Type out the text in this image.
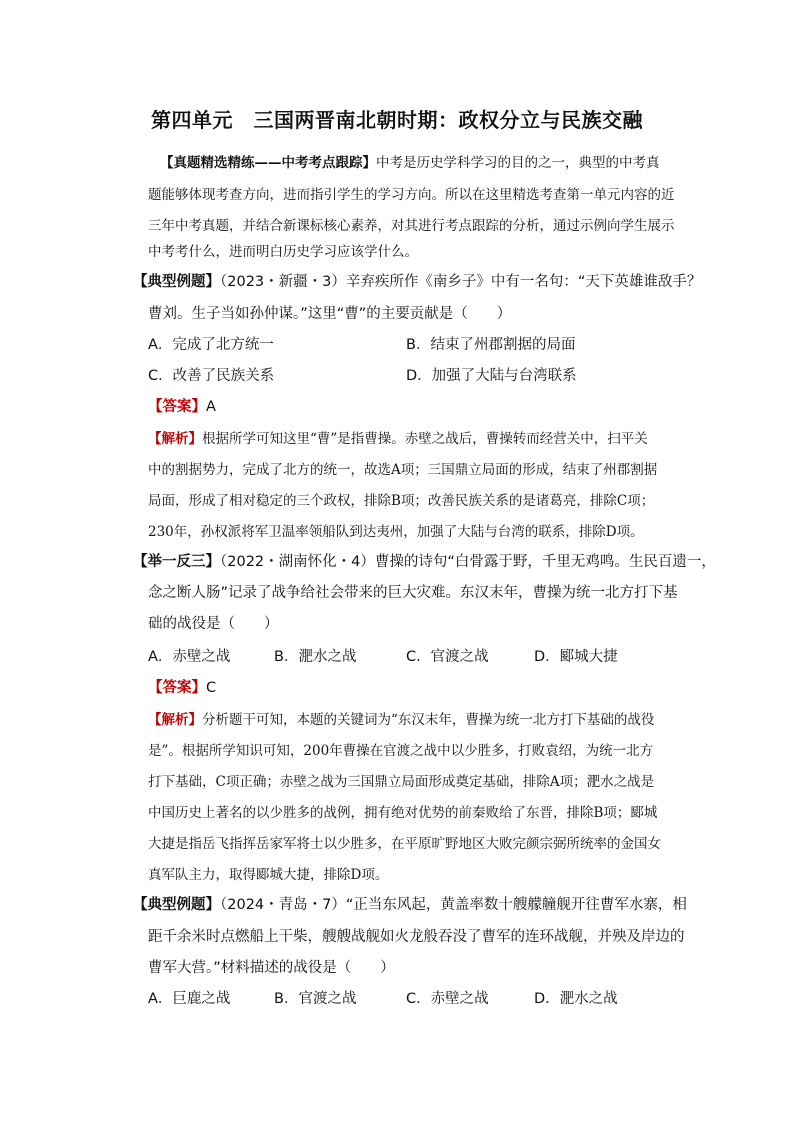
第四单元　三国两晋南北朝时期：政权分立与民族交融
【真题精选精练——中考考点跟踪】中考是历史学科学习的目的之一，典型的中考真
题能够体现考查方向，进而指引学生的学习方向。所以在这里精选考查第一单元内容的近
三年中考真题，并结合新课标核心素养，对其进行考点跟踪的分析，通过示例向学生展示
中考考什么，进而明白历史学习应该学什么。
【典型例题】（2023・新疆・3）辛弃疾所作《南乡子》中有一名句：“天下英雄谁敌手？
曹刘。生子当如孙仲谋。”这里“曹”的主要贡献是（　　）
A．完成了北方统一	B．结束了州郡割据的局面
C．改善了民族关系	D．加强了大陆与台湾联系
【答案】A
【解析】根据所学可知这里“曹”是指曹操。赤壁之战后，曹操转而经营关中，扫平关
中的割据势力，完成了北方的统一，故选A项；三国鼎立局面的形成，结束了州郡割据
局面，形成了相对稳定的三个政权，排除B项；改善民族关系的是诸葛亮，排除C项；
230年，孙权派将军卫温率领船队到达夷州，加强了大陆与台湾的联系，排除D项。
【举一反三】（2022・湖南怀化・4）曹操的诗句“白骨露于野，千里无鸡鸣。生民百遗一，
念之断人肠”记录了战争给社会带来的巨大灾难。东汉末年，曹操为统一北方打下基
础的战役是（　　）
A．赤壁之战	B．淝水之战	C．官渡之战	D．郾城大捷
【答案】C
【解析】分析题干可知，本题的关键词为“东汉末年，曹操为统一北方打下基础的战役
是”。根据所学知识可知，200年曹操在官渡之战中以少胜多，打败袁绍，为统一北方
打下基础，C项正确；赤壁之战为三国鼎立局面形成奠定基础，排除A项；淝水之战是
中国历史上著名的以少胜多的战例，拥有绝对优势的前秦败给了东晋，排除B项；郾城
大捷是指岳飞指挥岳家军将士以少胜多，在平原旷野地区大败完颜宗弼所统率的金国女
真军队主力，取得郾城大捷，排除D项。
【典型例题】（2024・青岛・7）“正当东风起，黄盖率数十艘艨艟舰开往曹军水寨，相
距千余米时点燃船上干柴，艘艘战舰如火龙般吞没了曹军的连环战舰，并殃及岸边的
曹军大营。”材料描述的战役是（　　）
A．巨鹿之战	B．官渡之战	C．赤壁之战	D．淝水之战
